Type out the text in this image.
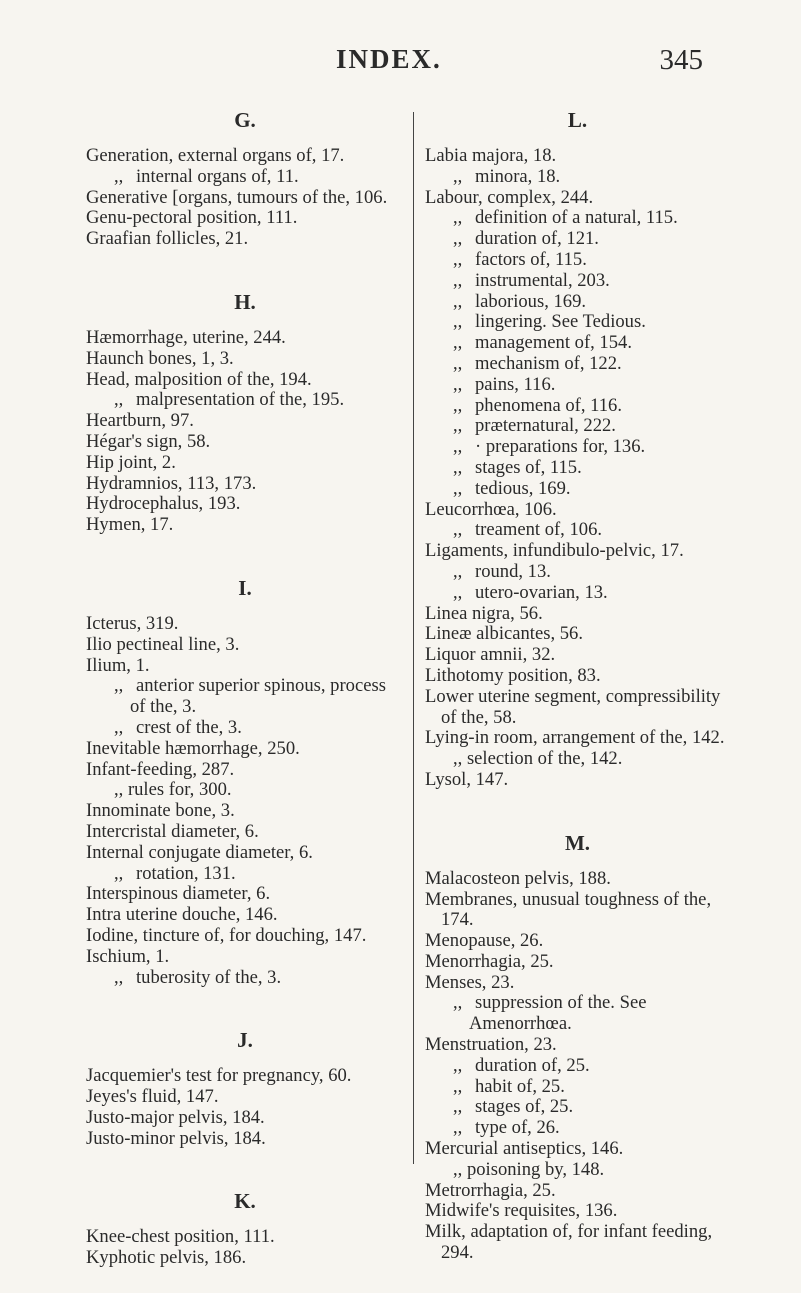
INDEX.	345
G.
Generation, external organs of, 17.
,, internal organs of, 11.
Generative [organs, tumours of the, 106.
Genu-pectoral position, 111.
Graafian follicles, 21.
H.
Hæmorrhage, uterine, 244.
Haunch bones, 1, 3.
Head, malposition of the, 194.
,, malpresentation of the, 195.
Heartburn, 97.
Hégar's sign, 58.
Hip joint, 2.
Hydramnios, 113, 173.
Hydrocephalus, 193.
Hymen, 17.
I.
Icterus, 319.
Ilio pectineal line, 3.
Ilium, 1.
,, anterior superior spinous, process of the, 3.
,, crest of the, 3.
Inevitable hæmorrhage, 250.
Infant-feeding, 287.
,, rules for, 300.
Innominate bone, 3.
Intercristal diameter, 6.
Internal conjugate diameter, 6.
,, rotation, 131.
Interspinous diameter, 6.
Intra uterine douche, 146.
Iodine, tincture of, for douching, 147.
Ischium, 1.
,, tuberosity of the, 3.
J.
Jacquemier's test for pregnancy, 60.
Jeyes's fluid, 147.
Justo-major pelvis, 184.
Justo-minor pelvis, 184.
K.
Knee-chest position, 111.
Kyphotic pelvis, 186.
L.
Labia majora, 18.
,, minora, 18.
Labour, complex, 244.
,, definition of a natural, 115.
,, duration of, 121.
,, factors of, 115.
,, instrumental, 203.
,, laborious, 169.
,, lingering. See Tedious.
,, management of, 154.
,, mechanism of, 122.
,, pains, 116.
,, phenomena of, 116.
,, præternatural, 222.
,, · preparations for, 136.
,, stages of, 115.
,, tedious, 169.
Leucorrhœa, 106.
,, treament of, 106.
Ligaments, infundibulo-pelvic, 17.
,, round, 13.
,, utero-ovarian, 13.
Linea nigra, 56.
Lineæ albicantes, 56.
Liquor amnii, 32.
Lithotomy position, 83.
Lower uterine segment, compressibility of the, 58.
Lying-in room, arrangement of the, 142.
,, selection of the, 142.
Lysol, 147.
M.
Malacosteon pelvis, 188.
Membranes, unusual toughness of the, 174.
Menopause, 26.
Menorrhagia, 25.
Menses, 23.
,, suppression of the. See Amenorrhœa.
Menstruation, 23.
,, duration of, 25.
,, habit of, 25.
,, stages of, 25.
,, type of, 26.
Mercurial antiseptics, 146.
,, poisoning by, 148.
Metrorrhagia, 25.
Midwife's requisites, 136.
Milk, adaptation of, for infant feeding, 294.
